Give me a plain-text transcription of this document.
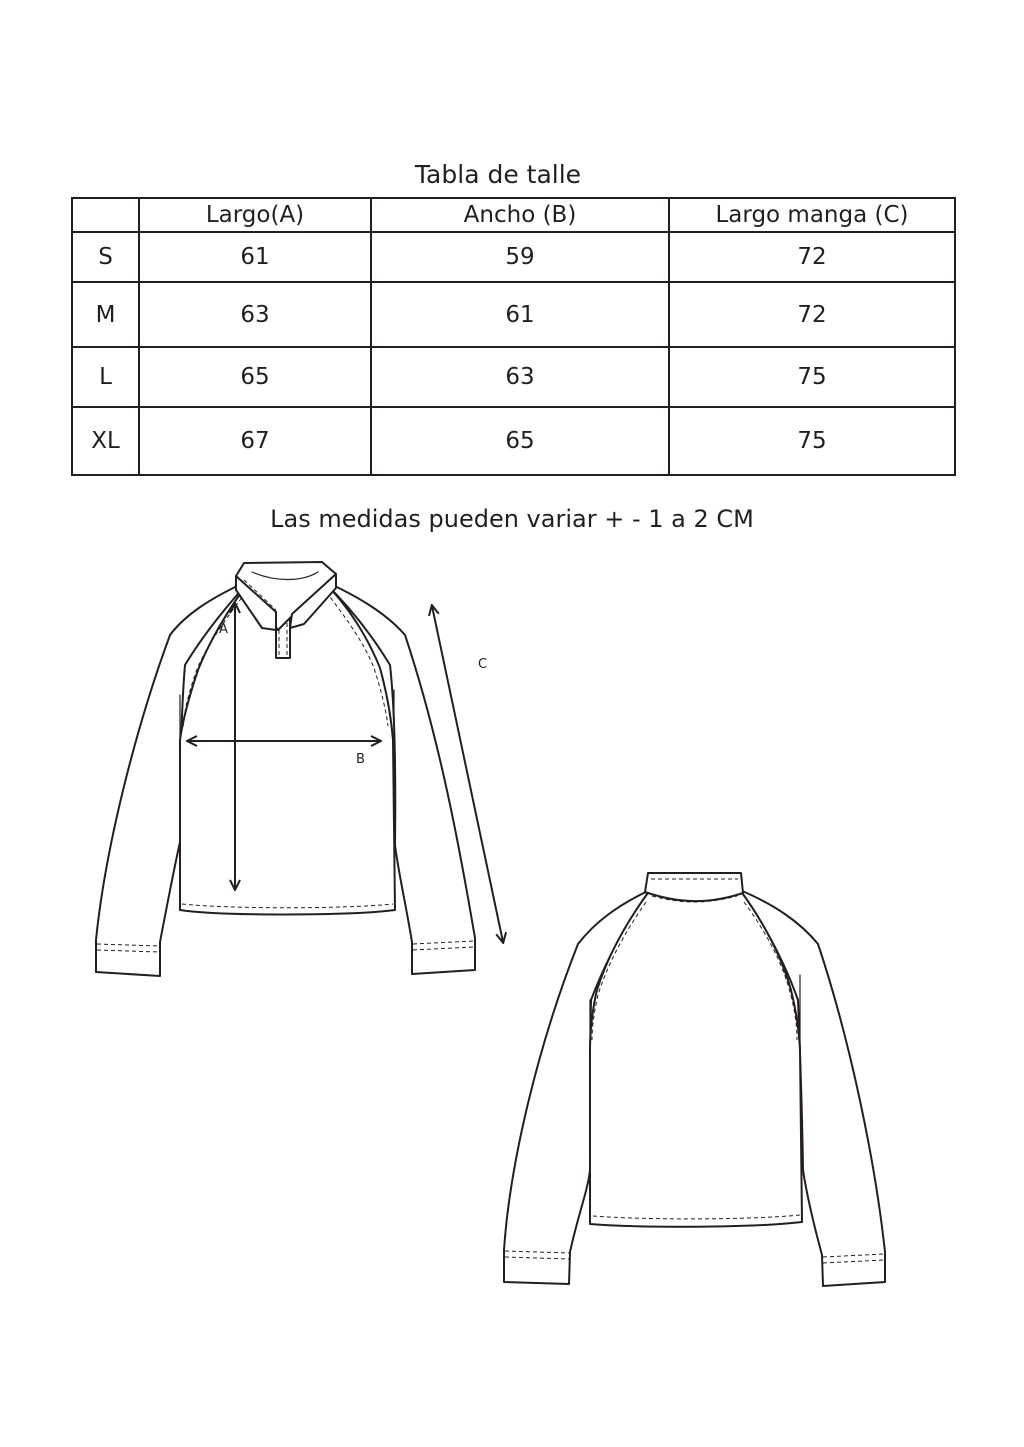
Tabla de talle
	Largo(A)	Ancho (B)	Largo manga (C)
S	61	59	72
M	63	61	72
L	65	63	75
XL	67	65	75
Las medidas pueden variar + - 1 a 2 CM
A
B
C
